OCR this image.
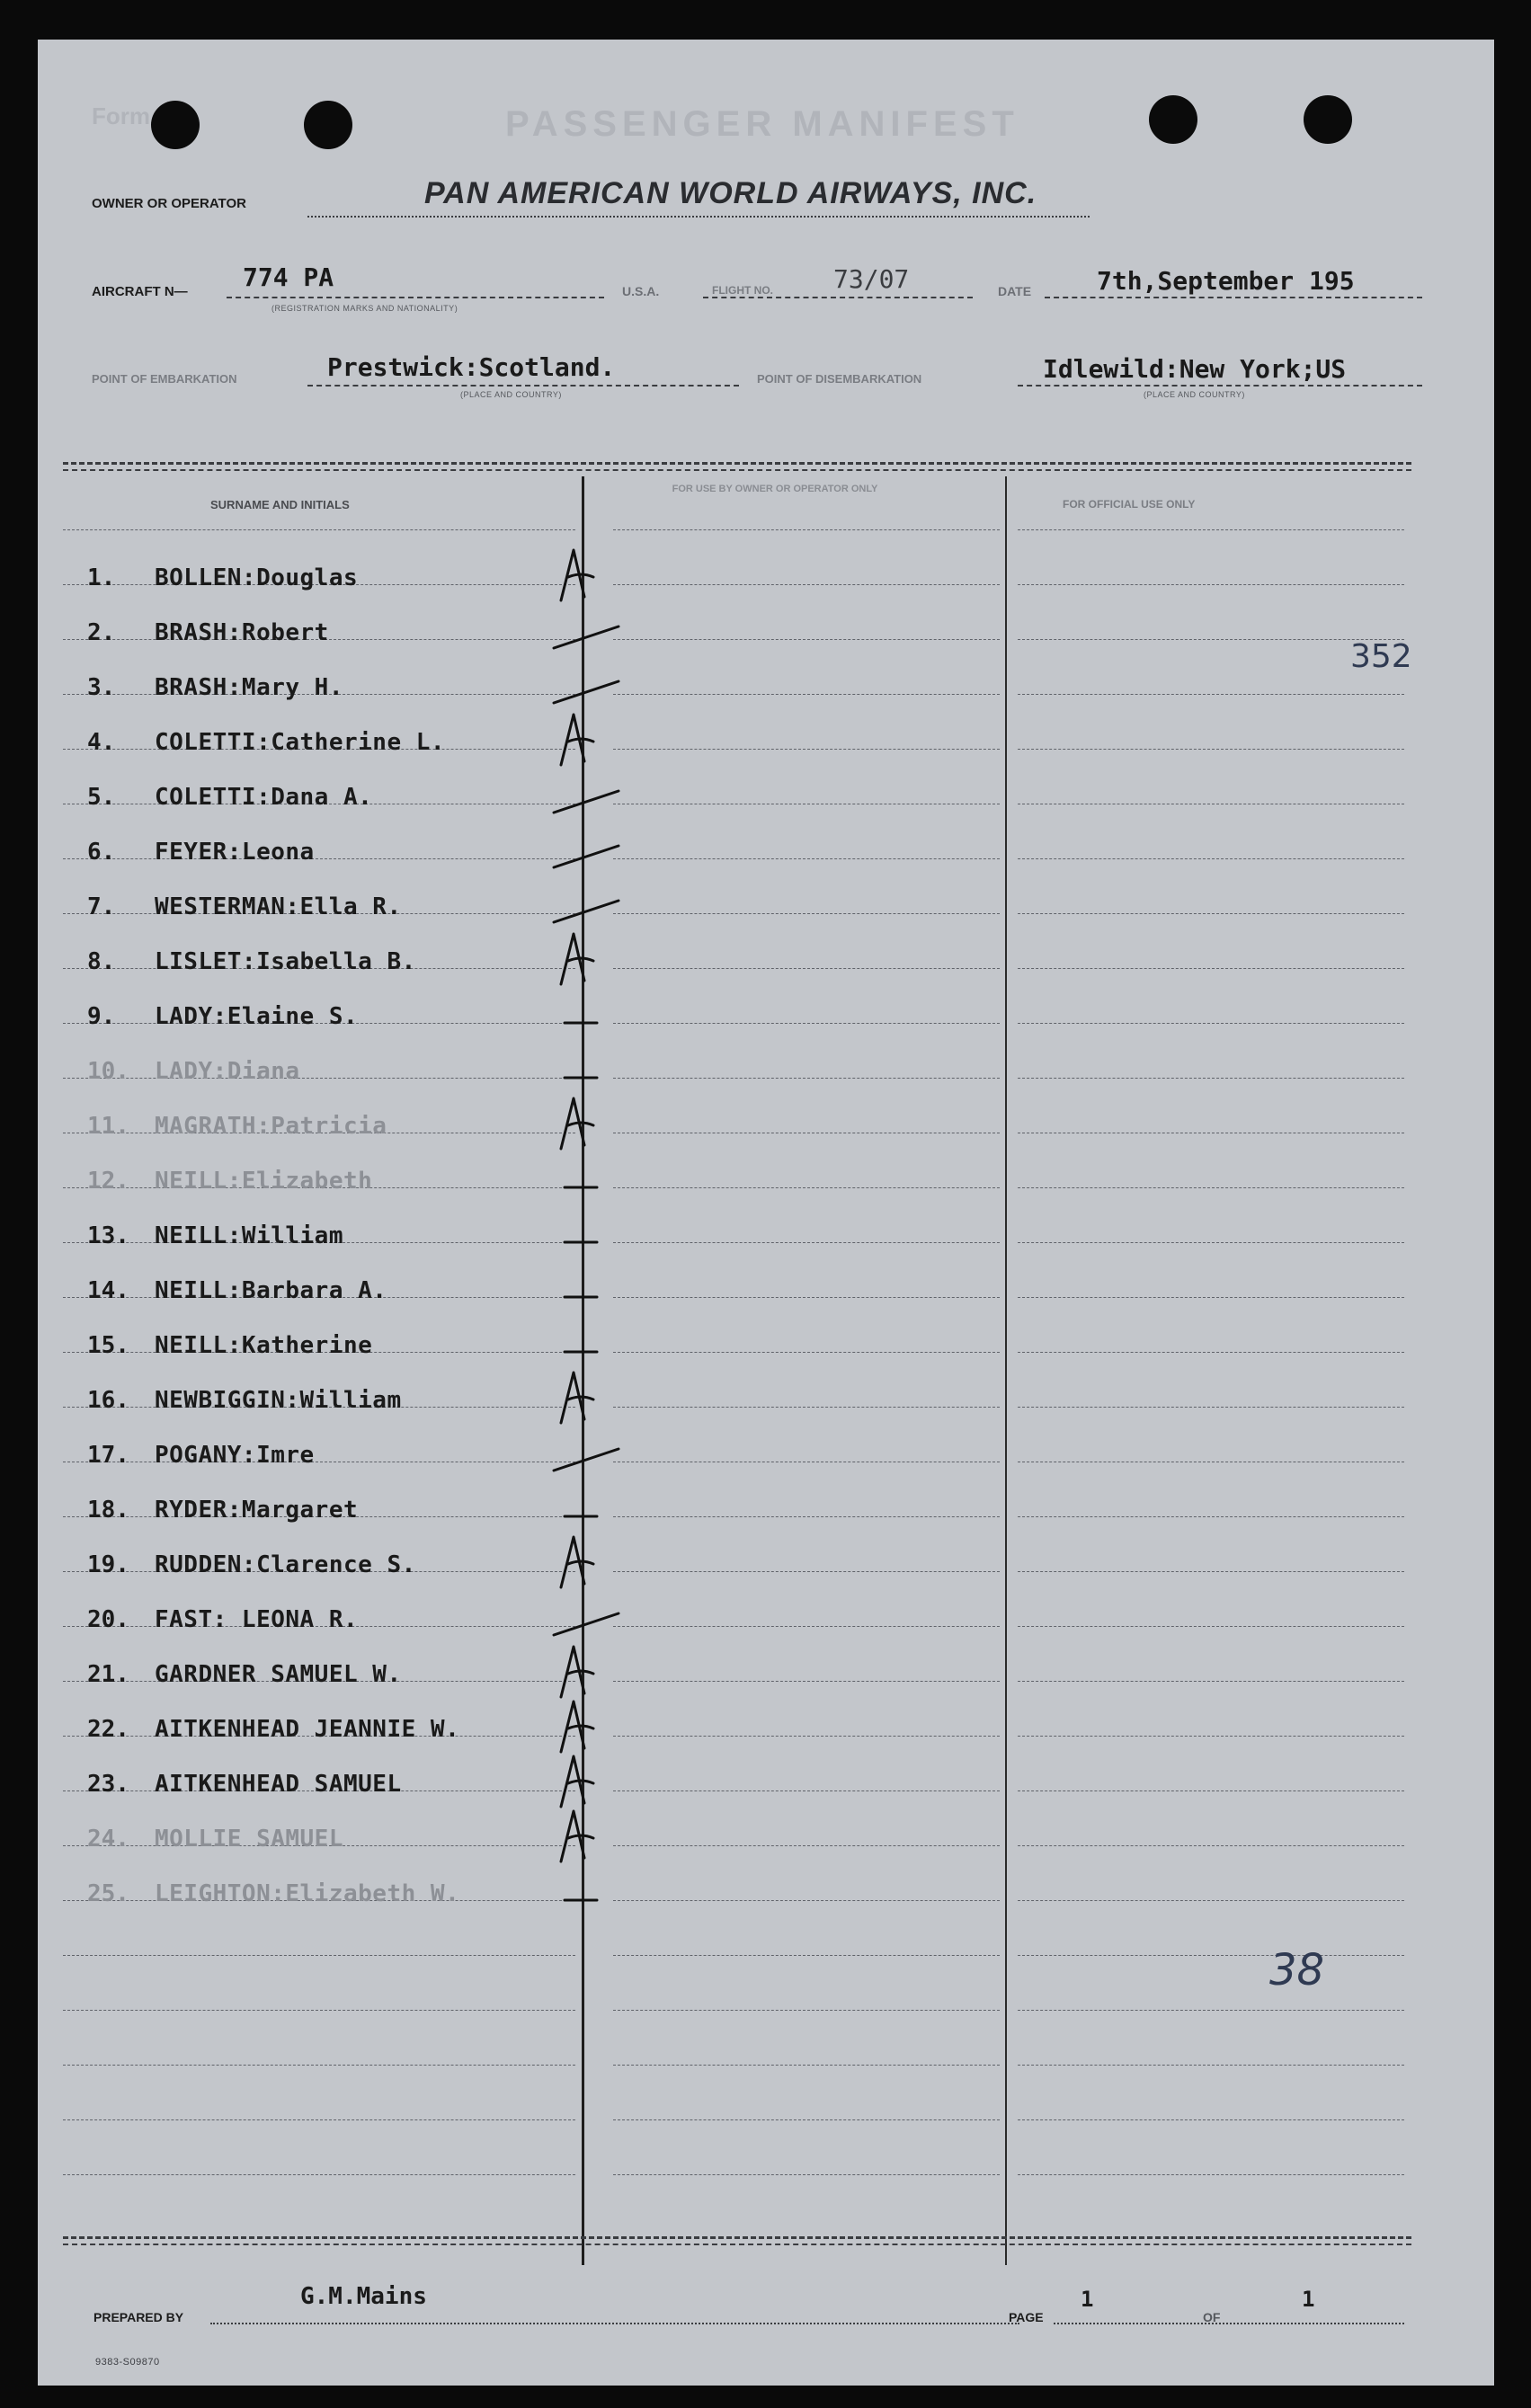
Form	PASSENGER MANIFEST
OWNER OR OPERATOR	PAN AMERICAN WORLD AIRWAYS, INC.
AIRCRAFT N— 774 PA
(REGISTRATION MARKS AND NATIONALITY)
U.S.A.	FLIGHT NO. 73/07	DATE	7th,September 195
POINT OF EMBARKATION	Prestwick:Scotland.
(PLACE AND COUNTRY)
POINT OF DISEMBARKATION	Idlewild:New York;US
(PLACE AND COUNTRY)
SURNAME AND INITIALS
FOR USE BY OWNER OR OPERATOR ONLY
FOR OFFICIAL USE ONLY
1.	BOLLEN:Douglas
2.	BRASH:Robert
3.	BRASH:Mary H.
4.	COLETTI:Catherine L.
5.	COLETTI:Dana A.
6.	FEYER:Leona
7.	WESTERMAN:Ella R.
8.	LISLET:Isabella B.
9.	LADY:Elaine S.
10.	LADY:Diana
11.	MAGRATH:Patricia
12.	NEILL:Elizabeth
13.	NEILL:William
14.	NEILL:Barbara A.
15.	NEILL:Katherine
16.	NEWBIGGIN:William
17.	POGANY:Imre
18.	RYDER:Margaret
19.	RUDDEN:Clarence S.
20.	FAST: LEONA R.
21.	GARDNER SAMUEL W.
22.	AITKENHEAD JEANNIE W.
23.	AITKENHEAD SAMUEL
24.	MOLLIE SAMUEL
25.	LEIGHTON:Elizabeth W.
352
38
PREPARED BY
G.M.Mains
PAGE
1
OF
1
9383-S09870
